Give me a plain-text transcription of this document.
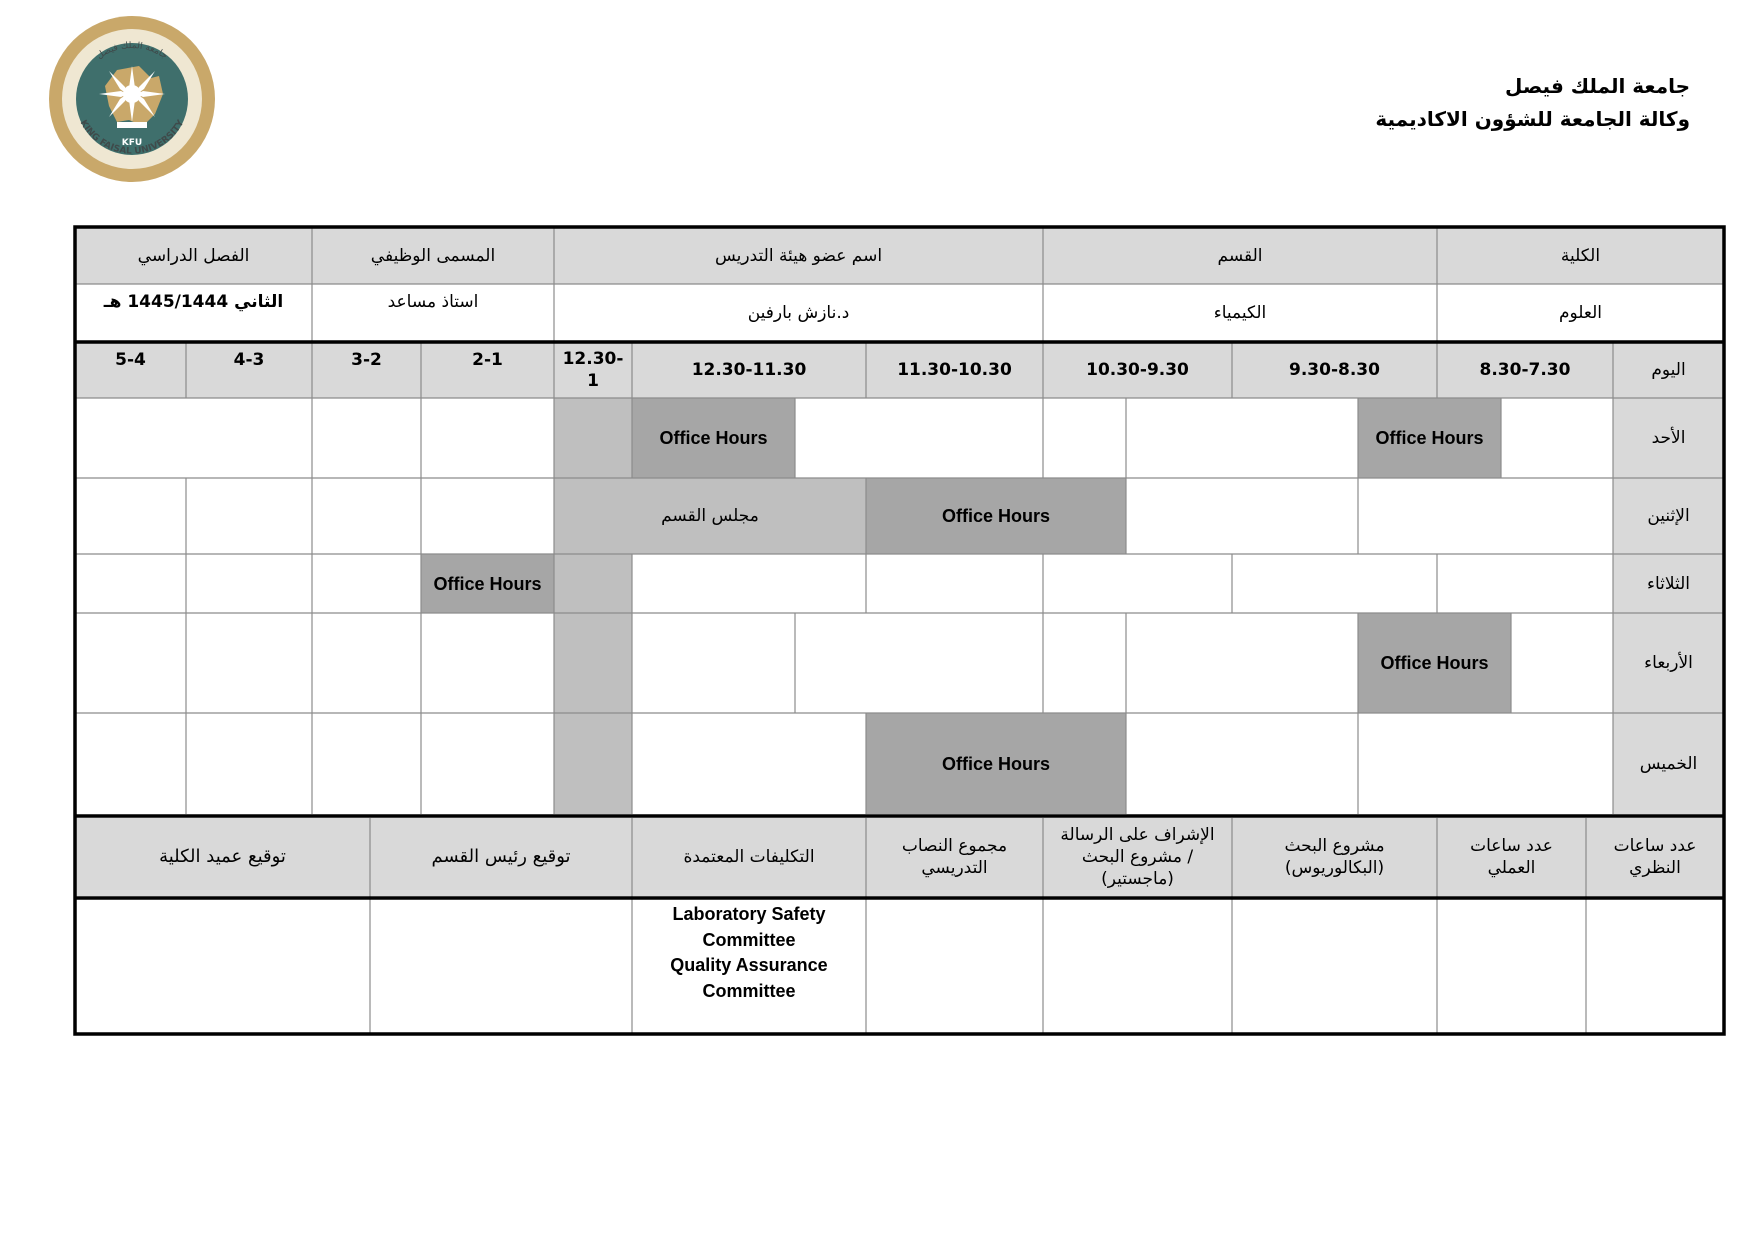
KFU
KING FAISAL UNIVERSITY
جامعة الملك فيصل
جامعة الملك فيصل
وكالة الجامعة للشؤون الاكاديمية
الكلية
القسم
اسم عضو هيئة التدريس
المسمى الوظيفي
الفصل الدراسي
العلوم
الكيمياء
د.نازش بارفين
استاذ مساعد
الثاني 1445/1444 هـ
اليوم
8.30-7.30
9.30-8.30
10.30-9.30
11.30-10.30
12.30-11.30
12.30-
1
2-1
3-2
4-3
5-4
الأحد
الإثنين
الثلاثاء
الأربعاء
الخميس
Office Hours
Office Hours
Office Hours
مجلس القسم
Office Hours
Office Hours
Office Hours
عدد ساعات النظري
عدد ساعات العملي
مشروع البحث (البكالوريوس)
الإشراف على الرسالة / مشروع البحث (ماجستير)
مجموع النصاب التدريسي
التكليفات المعتمدة
توقيع رئيس القسم
توقيع عميد الكلية
Laboratory Safety
Committee
Quality Assurance
Committee
